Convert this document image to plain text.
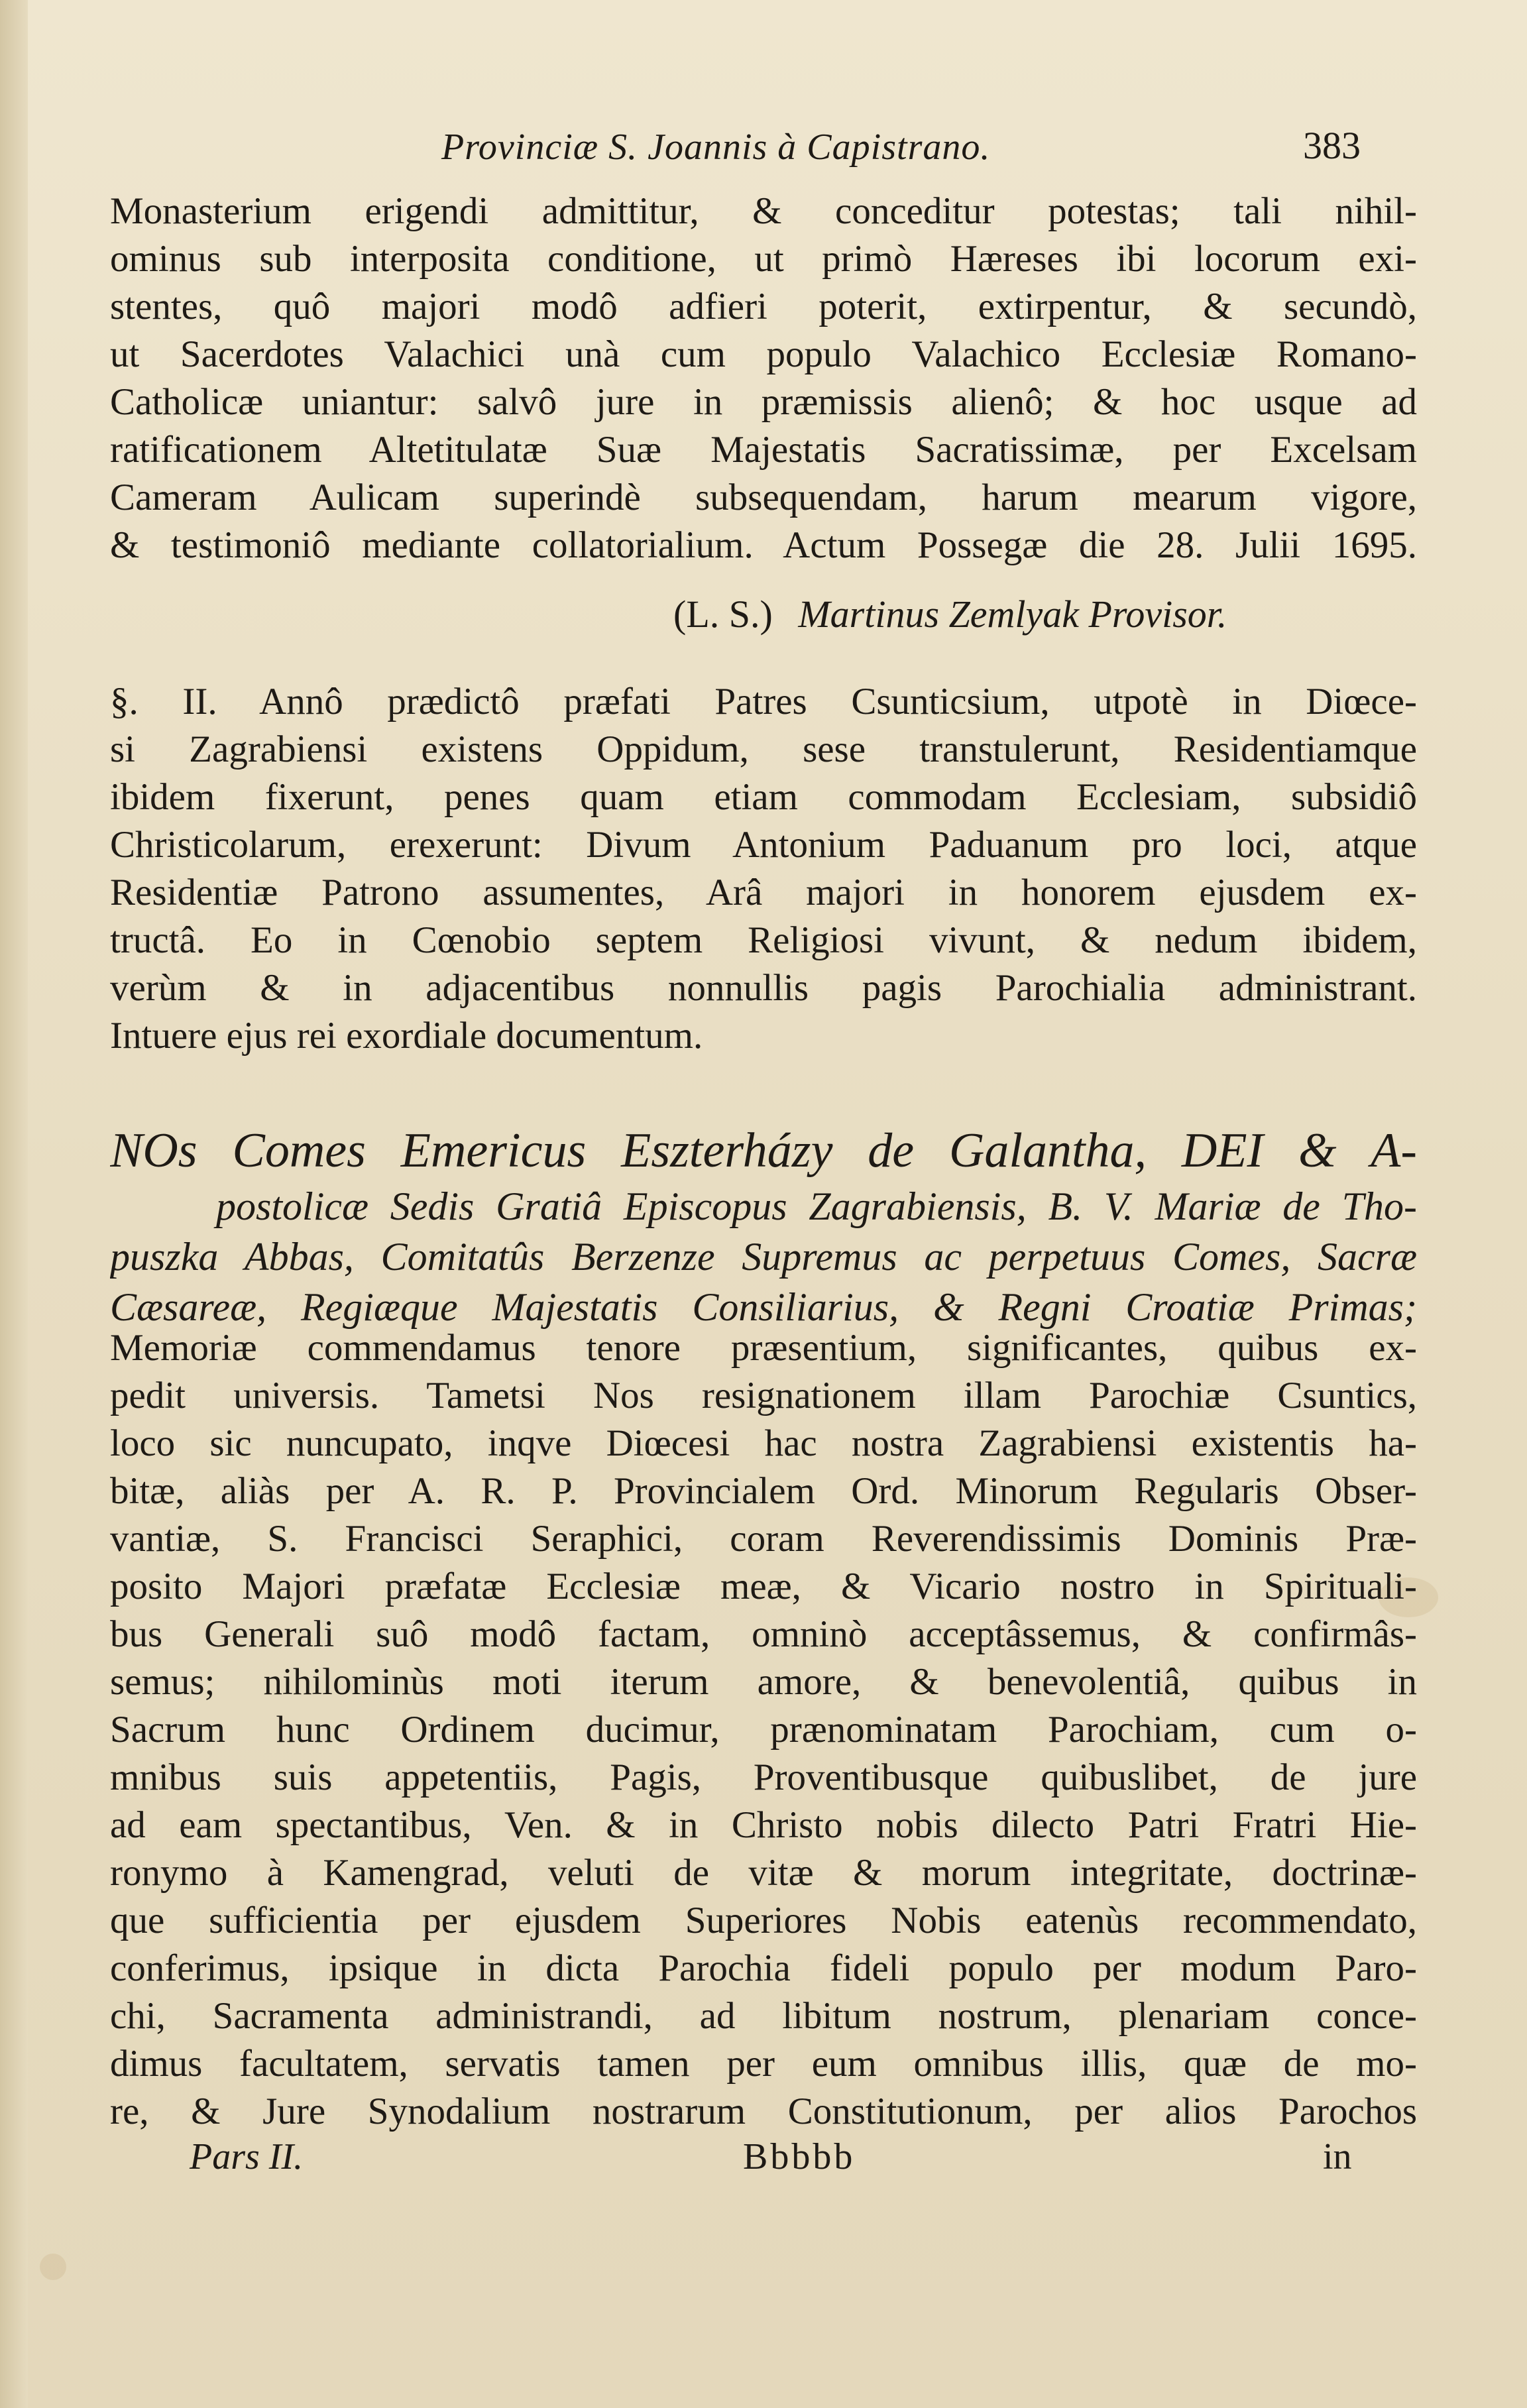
Provinciæ S. Joannis à Capistrano.	383
Monasterium erigendi admittitur, & conceditur potestas; tali nihil-
ominus sub interposita conditione, ut primò Hæreses ibi locorum exi-
stentes, quô majori modô adfieri poterit, extirpentur, & secundò,
ut Sacerdotes Valachici unà cum populo Valachico Ecclesiæ Romano-
Catholicæ uniantur: salvô jure in præmissis alienô; & hoc usque ad
ratificationem Altetitulatæ Suæ Majestatis Sacratissimæ, per Excelsam
Cameram Aulicam superindè subsequendam, harum mearum vigore,
& testimoniô mediante collatorialium. Actum Possegæ die 28. Julii 1695.
(L. S.) Martinus Zemlyak Provisor.
§. II. Annô prædictô præfati Patres Csunticsium, utpotè in Diœce-
si Zagrabiensi existens Oppidum, sese transtulerunt, Residentiamque
ibidem fixerunt, penes quam etiam commodam Ecclesiam, subsidiô
Christicolarum, erexerunt: Divum Antonium Paduanum pro loci, atque
Residentiæ Patrono assumentes, Arâ majori in honorem ejusdem ex-
tructâ. Eo in Cœnobio septem Religiosi vivunt, & nedum ibidem,
verùm & in adjacentibus nonnullis pagis Parochialia administrant.
Intuere ejus rei exordiale documentum.
NOs Comes Emericus Eszterházy de Galantha, DEI & A-
postolicæ Sedis Gratiâ Episcopus Zagrabiensis, B. V. Mariæ de Tho-
puszka Abbas, Comitatûs Berzenze Supremus ac perpetuus Comes, Sacræ
Cæsareæ, Regiæque Majestatis Consiliarius, & Regni Croatiæ Primas;
Memoriæ commendamus tenore præsentium, significantes, quibus ex-
pedit universis. Tametsi Nos resignationem illam Parochiæ Csuntics,
loco sic nuncupato, inqve Diœcesi hac nostra Zagrabiensi existentis ha-
bitæ, aliàs per A. R. P. Provincialem Ord. Minorum Regularis Obser-
vantiæ, S. Francisci Seraphici, coram Reverendissimis Dominis Præ-
posito Majori præfatæ Ecclesiæ meæ, & Vicario nostro in Spirituali-
bus Generali suô modô factam, omninò acceptâssemus, & confirmâs-
semus; nihilominùs moti iterum amore, & benevolentiâ, quibus in
Sacrum hunc Ordinem ducimur, prænominatam Parochiam, cum o-
mnibus suis appetentiis, Pagis, Proventibusque quibuslibet, de jure
ad eam spectantibus, Ven. & in Christo nobis dilecto Patri Fratri Hie-
ronymo à Kamengrad, veluti de vitæ & morum integritate, doctrinæ-
que sufficientia per ejusdem Superiores Nobis eatenùs recommendato,
conferimus, ipsique in dicta Parochia fideli populo per modum Paro-
chi, Sacramenta administrandi, ad libitum nostrum, plenariam conce-
dimus facultatem, servatis tamen per eum omnibus illis, quæ de mo-
re, & Jure Synodalium nostrarum Constitutionum, per alios Parochos
Pars II.	Bbbbb	in
